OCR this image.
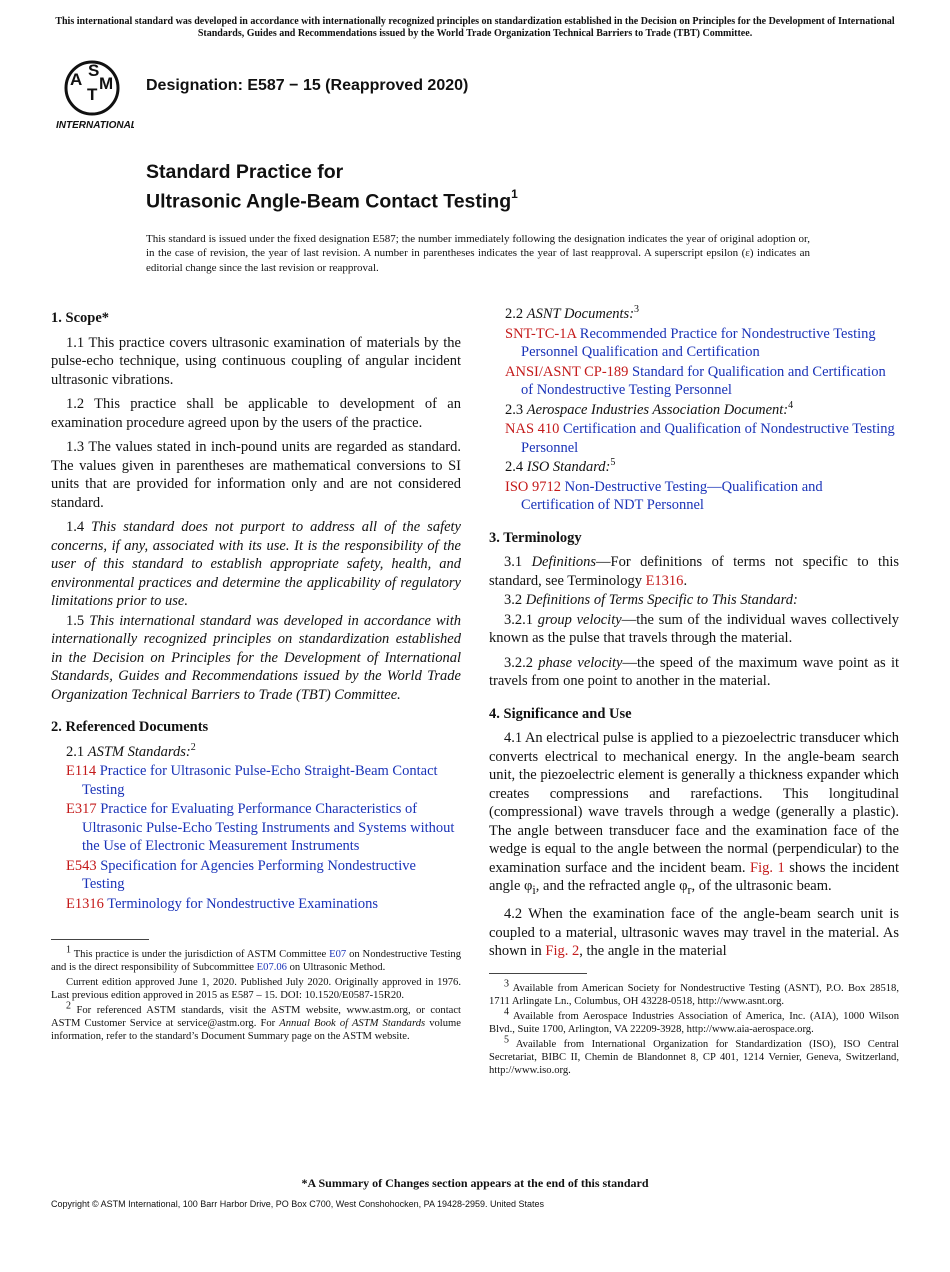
This international standard was developed in accordance with internationally recognized principles on standardization established in the Decision on Principles for the Development of International Standards, Guides and Recommendations issued by the World Trade Organization Technical Barriers to Trade (TBT) Committee.
A S
T
M
INTERNATIONAL
Designation: E587 − 15 (Reapproved 2020)
Standard Practice for
Ultrasonic Angle-Beam Contact Testing$^1$
This standard is issued under the fixed designation E587; the number immediately following the designation indicates the year of original adoption or, in the case of revision, the year of last revision. A number in parentheses indicates the year of last reapproval. A superscript epsilon (ε) indicates an editorial change since the last revision or reapproval.
1. Scope*

1.1 This practice covers ultrasonic examination of materials by the pulse-echo technique, using continuous coupling of angular incident ultrasonic vibrations.

1.2 This practice shall be applicable to development of an examination procedure agreed upon by the users of the practice.

1.3 The values stated in inch-pound units are regarded as standard. The values given in parentheses are mathematical conversions to SI units that are provided for information only and are not considered standard.

1.4 This standard does not purport to address all of the safety concerns, if any, associated with its use. It is the responsibility of the user of this standard to establish appropriate safety, health, and environmental practices and determine the applicability of regulatory limitations prior to use.

1.5 This international standard was developed in accordance with internationally recognized principles on standardization established in the Decision on Principles for the Development of International Standards, Guides and Recommendations issued by the World Trade Organization Technical Barriers to Trade (TBT) Committee.

2. Referenced Documents
2.1 ASTM Standards:$^2$
E114 Practice for Ultrasonic Pulse-Echo Straight-Beam Contact Testing
E317 Practice for Evaluating Performance Characteristics of Ultrasonic Pulse-Echo Testing Instruments and Systems without the Use of Electronic Measurement Instruments
E543 Specification for Agencies Performing Nondestructive Testing
E1316 Terminology for Nondestructive Examinations

$^1$ This practice is under the jurisdiction of ASTM Committee E07 on Nondestructive Testing and is the direct responsibility of Subcommittee E07.06 on Ultrasonic Method.

Current edition approved June 1, 2020. Published July 2020. Originally approved in 1976. Last previous edition approved in 2015 as E587 – 15. DOI: 10.1520/E0587-15R20.

$^2$ For referenced ASTM standards, visit the ASTM website, www.astm.org, or contact ASTM Customer Service at service@astm.org. For Annual Book of ASTM Standards volume information, refer to the standard’s Document Summary page on the ASTM website.

2.2 ASNT Documents:$^3$
SNT-TC-1A Recommended Practice for Nondestructive Testing Personnel Qualification and Certification
ANSI/ASNT CP-189 Standard for Qualification and Certification of Nondestructive Testing Personnel
2.3 Aerospace Industries Association Document:$^4$
NAS 410 Certification and Qualification of Nondestructive Testing Personnel
2.4 ISO Standard:$^5$
ISO 9712 Non-Destructive Testing—Qualification and Certification of NDT Personnel
3. Terminology

3.1 Definitions—For definitions of terms not specific to this standard, see Terminology E1316.

3.2 Definitions of Terms Specific to This Standard:

3.2.1 group velocity—the sum of the individual waves collectively known as the pulse that travels through the material.

3.2.2 phase velocity—the speed of the maximum wave point as it travels from one point to another in the material.

4. Significance and Use

4.1 An electrical pulse is applied to a piezoelectric transducer which converts electrical to mechanical energy. In the angle-beam search unit, the piezoelectric element is generally a thickness expander which creates compressions and rarefactions. This longitudinal (compressional) wave travels through a wedge (generally a plastic). The angle between transducer face and the examination face of the wedge is equal to the angle between the normal (perpendicular) to the examination surface and the incident beam. Fig. 1 shows the incident angle $\varphi_i$, and the refracted angle $\varphi_r$, of the ultrasonic beam.

4.2 When the examination face of the angle-beam search unit is coupled to a material, ultrasonic waves may travel in the material. As shown in Fig. 2, the angle in the material

$^3$ Available from American Society for Nondestructive Testing (ASNT), P.O. Box 28518, 1711 Arlingate Ln., Columbus, OH 43228-0518, http://www.asnt.org.

$^4$ Available from Aerospace Industries Association of America, Inc. (AIA), 1000 Wilson Blvd., Suite 1700, Arlington, VA 22209-3928, http://www.aia-aerospace.org.

$^5$ Available from International Organization for Standardization (ISO), ISO Central Secretariat, BIBC II, Chemin de Blandonnet 8, CP 401, 1214 Vernier, Geneva, Switzerland, http://www.iso.org.

*A Summary of Changes section appears at the end of this standard
Copyright © ASTM International, 100 Barr Harbor Drive, PO Box C700, West Conshohocken, PA 19428-2959. United States
